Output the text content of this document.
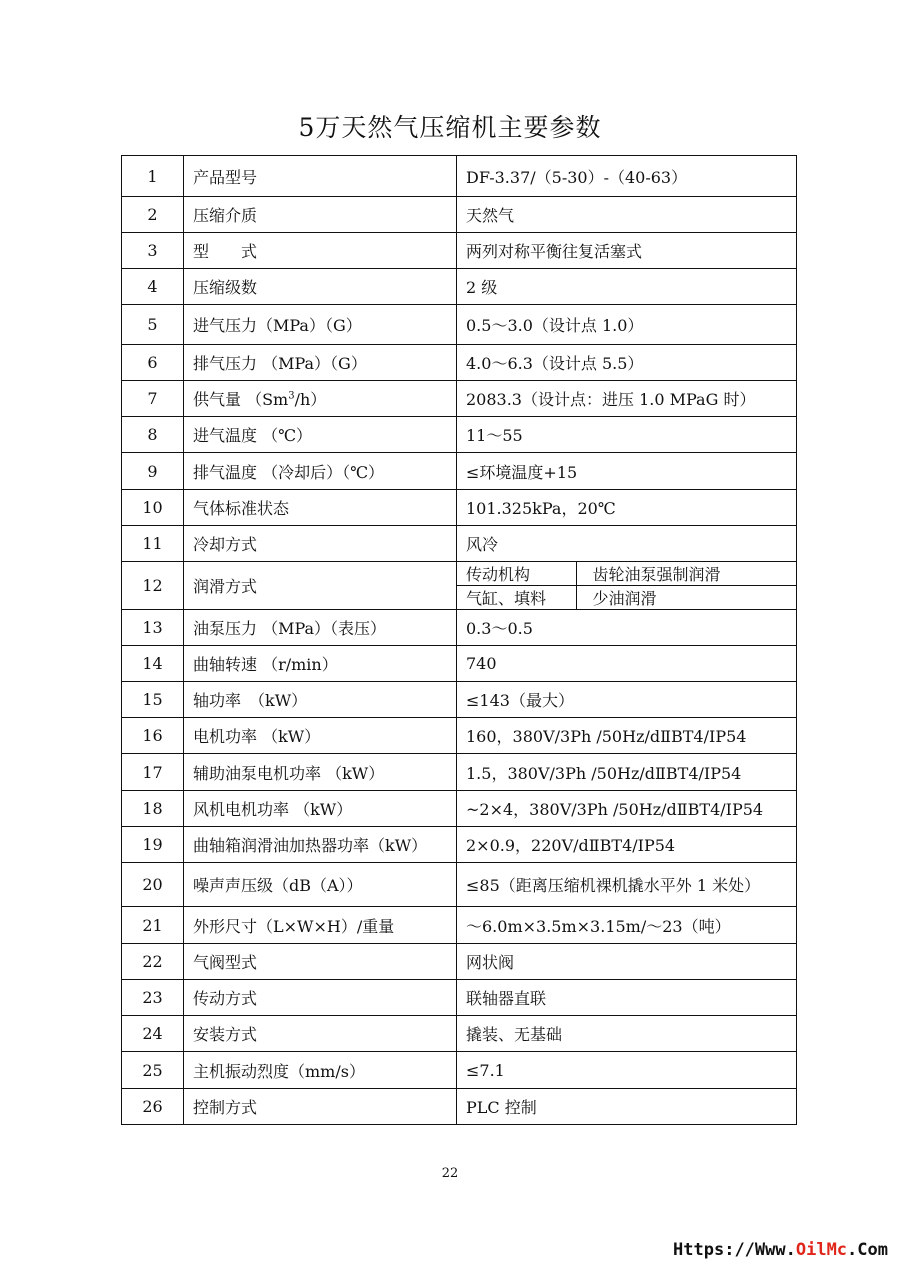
5万天然气压缩机主要参数
1	产品型号	DF-3.37/（5-30）-（40-63）
2	压缩介质	天然气
3	型　　式	两列对称平衡往复活塞式
4	压缩级数	2 级
5	进气压力（MPa）（G）	0.5～3.0（设计点 1.0）
6	排气压力 （MPa）（G）	4.0～6.3（设计点 5.5）
7	供气量 （Sm$^3$/h）	2083.3（设计点：进压 1.0 MPaG 时）
8	进气温度 （℃）	11～55
9	排气温度 （冷却后）（℃）	≤环境温度+15
10	气体标准状态	101.325kPa，20℃
11	冷却方式	风冷
12	润滑方式	
传动机构	齿轮油泵强制润滑
气缸、填料	少油润滑

13	油泵压力 （MPa）（表压）	0.3～0.5
14	曲轴转速 （r/min）	740
15	轴功率　（kW）	≤143（最大）
16	电机功率 （kW）	160，380V/3Ph /50Hz/dⅡBT4/IP54
17	辅助油泵电机功率 （kW）	1.5，380V/3Ph /50Hz/dⅡBT4/IP54
18	风机电机功率 （kW）	~2×4，380V/3Ph /50Hz/dⅡBT4/IP54
19	曲轴箱润滑油加热器功率（kW）	2×0.9，220V/dⅡBT4/IP54
20	噪声声压级（dB（A））	≤85（距离压缩机裸机撬水平外 1 米处）
21	外形尺寸（L×W×H）/重量	～6.0m×3.5m×3.15m/～23（吨）
22	气阀型式	网状阀
23	传动方式	联轴器直联
24	安装方式	撬装、无基础
25	主机振动烈度（mm/s）	≤7.1
26	控制方式	PLC 控制
22
Https://Www.OilMc.Com
